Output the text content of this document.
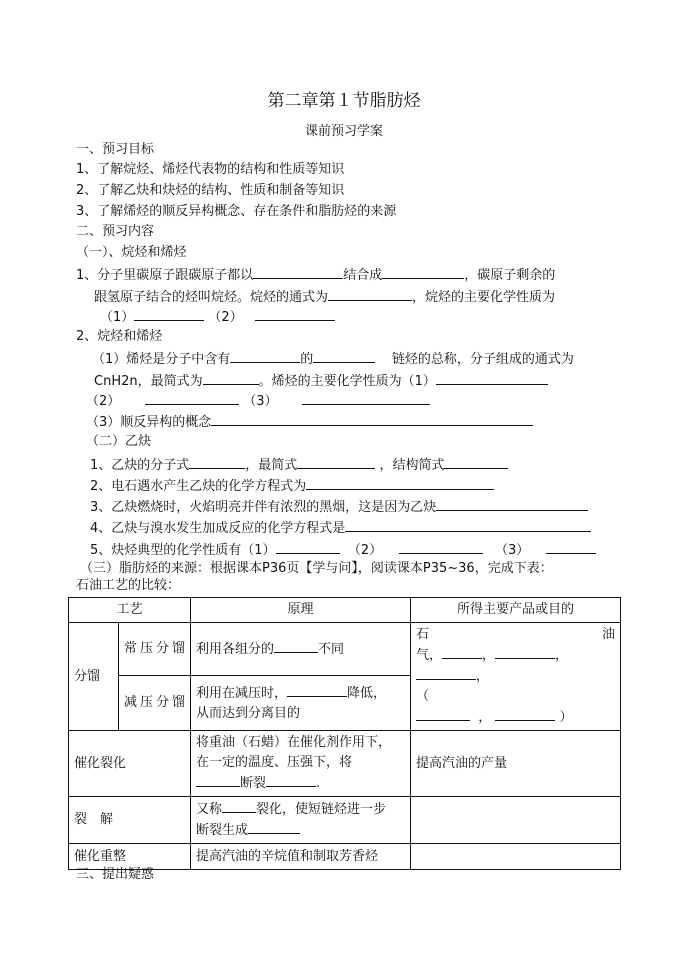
第二章第１节脂肪烃
课前预习学案
一、预习目标
1、了解烷烃、烯烃代表物的结构和性质等知识
2、了解乙炔和炔烃的结构、性质和制备等知识
3、了解烯烃的顺反异构概念、存在条件和脂肪烃的来源
二、预习内容
（一）、烷烃和烯烃
1、分子里碳原子跟碳原子都以	结合成	，碳原子剩余的
跟氢原子结合的烃叫烷烃。烷烃的通式为	，烷烃的主要化学性质为
（1）	（2）
2、烷烃和烯烃
（1）烯烃是分子中含有	的	链烃的总称，分子组成的通式为
CnH2n，最简式为	。烯烃的主要化学性质为（1）
（2）	（3）
（3）顺反异构的概念
（二）乙炔
1、乙炔的分子式	，最简式	，结构简式
2、电石遇水产生乙炔的化学方程式为
3、乙炔燃烧时，火焰明亮并伴有浓烈的黑烟，这是因为乙炔
4、乙炔与溴水发生加成反应的化学方程式是
5、炔烃典型的化学性质有（1）	（2）	（3）
（三）脂肪烃的来源：根据课本P36页【学与问】，阅读课本P35~36，完成下表：
石油工艺的比较：
工艺		原理	所得主要产品或目的
分馏	常压分馏	利用各组分的 不同	石 油
气， ， ，，
（
， ）

	减压分馏	利用在减压时， 降低，
从而达到分离目的	
催化裂化		将重油（石蜡）在催化剂作用下，
在一定的温度、压强下，将
断裂 .	提高汽油的产量
裂　解		又称 裂化，使短链烃进一步
断裂生成	
催化重整		提高汽油的辛烷值和制取芳香烃	
三、提出疑惑
